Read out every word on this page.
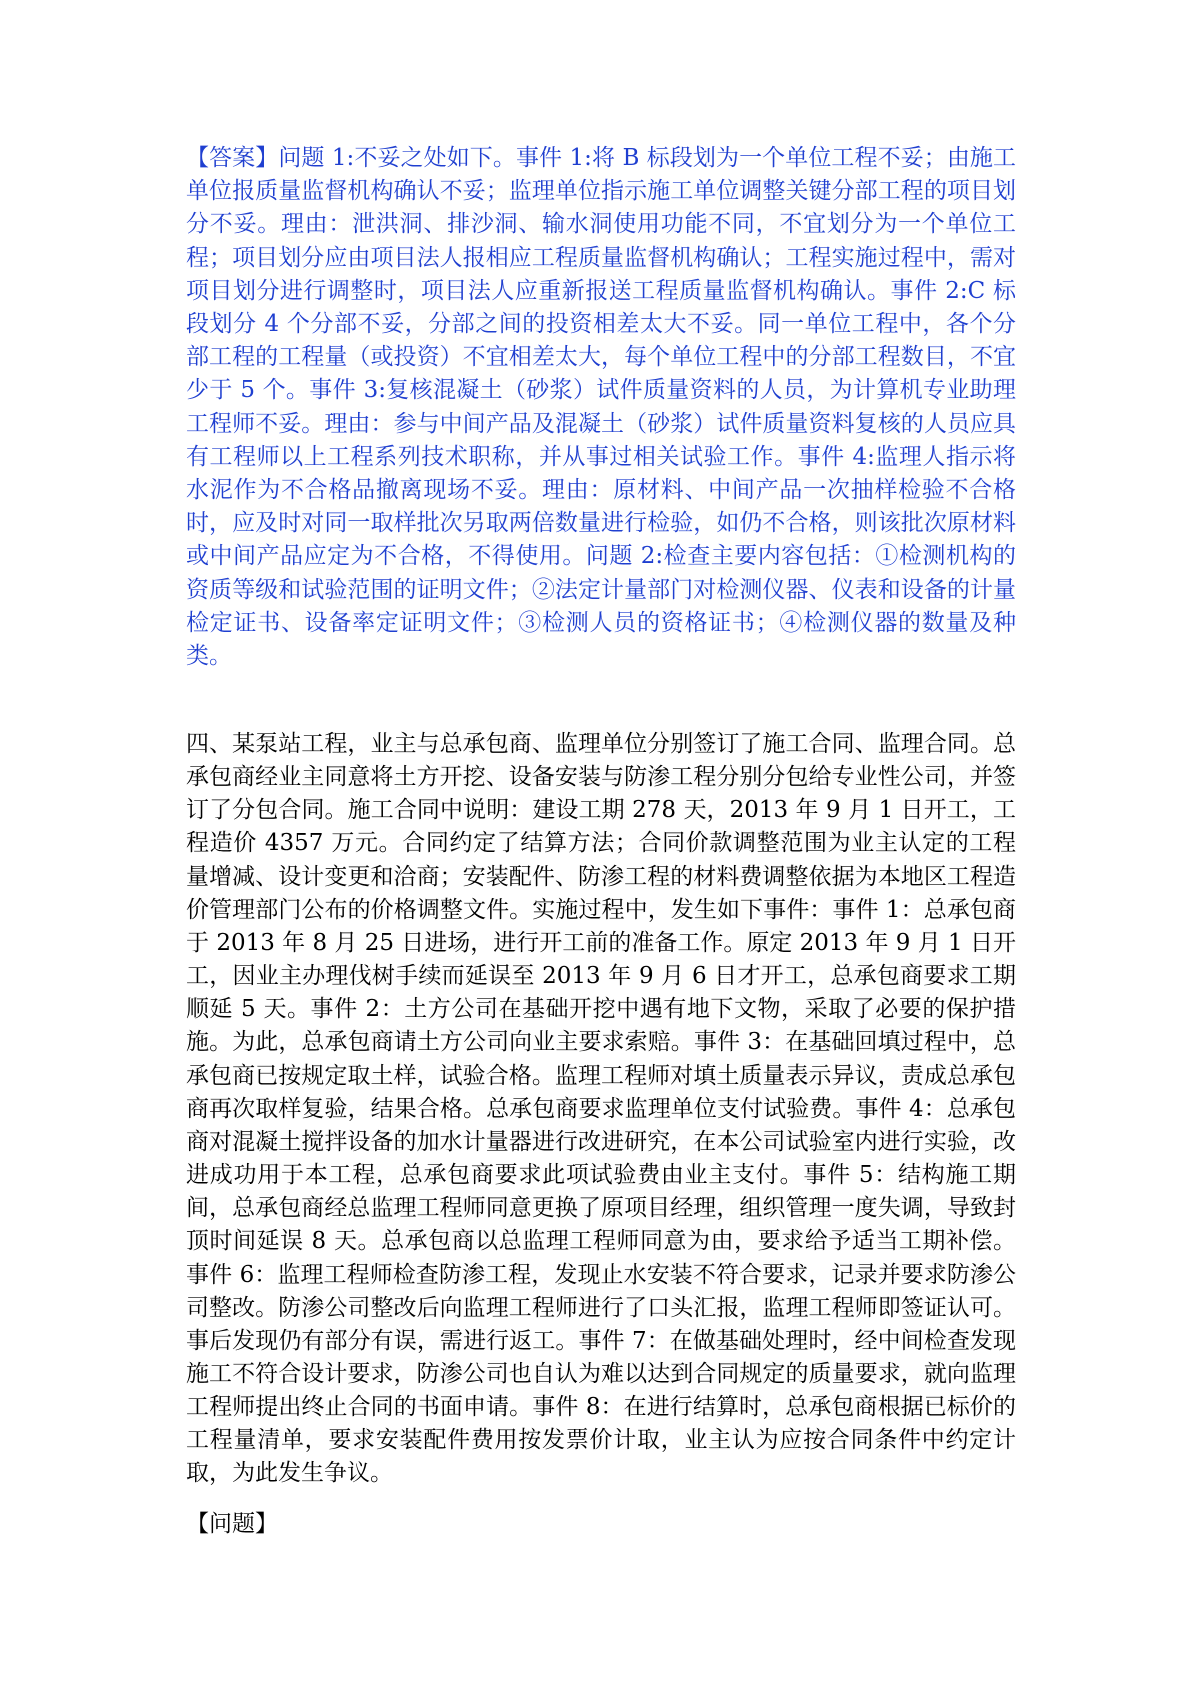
【答案】问题 1:不妥之处如下。事件 1:将 B 标段划为一个单位工程不妥；由施工单位报质量监督机构确认不妥；监理单位指示施工单位调整关键分部工程的项目划分不妥。理由：泄洪洞、排沙洞、输水洞使用功能不同，不宜划分为一个单位工程；项目划分应由项目法人报相应工程质量监督机构确认；工程实施过程中，需对项目划分进行调整时，项目法人应重新报送工程质量监督机构确认。事件 2:C 标段划分 4 个分部不妥，分部之间的投资相差太大不妥。同一单位工程中，各个分部工程的工程量（或投资）不宜相差太大，每个单位工程中的分部工程数目，不宜少于 5 个。事件 3:复核混凝土（砂浆）试件质量资料的人员，为计算机专业助理工程师不妥。理由：参与中间产品及混凝土（砂浆）试件质量资料复核的人员应具有工程师以上工程系列技术职称，并从事过相关试验工作。事件 4:监理人指示将水泥作为不合格品撤离现场不妥。理由：原材料、中间产品一次抽样检验不合格时，应及时对同一取样批次另取两倍数量进行检验，如仍不合格，则该批次原材料或中间产品应定为不合格，不得使用。问题 2:检查主要内容包括：①检测机构的资质等级和试验范围的证明文件；②法定计量部门对检测仪器、仪表和设备的计量检定证书、设备率定证明文件；③检测人员的资格证书；④检测仪器的数量及种类。

四、某泵站工程，业主与总承包商、监理单位分别签订了施工合同、监理合同。总承包商经业主同意将土方开挖、设备安装与防渗工程分别分包给专业性公司，并签订了分包合同。施工合同中说明：建设工期 278 天，2013 年 9 月 1 日开工，工程造价 4357 万元。合同约定了结算方法；合同价款调整范围为业主认定的工程量增减、设计变更和洽商；安装配件、防渗工程的材料费调整依据为本地区工程造价管理部门公布的价格调整文件。实施过程中，发生如下事件：事件 1：总承包商于 2013 年 8 月 25 日进场，进行开工前的准备工作。原定 2013 年 9 月 1 日开工，因业主办理伐树手续而延误至 2013 年 9 月 6 日才开工，总承包商要求工期顺延 5 天。事件 2：土方公司在基础开挖中遇有地下文物，采取了必要的保护措施。为此，总承包商请土方公司向业主要求索赔。事件 3：在基础回填过程中，总承包商已按规定取土样，试验合格。监理工程师对填土质量表示异议，责成总承包商再次取样复验，结果合格。总承包商要求监理单位支付试验费。事件 4：总承包商对混凝土搅拌设备的加水计量器进行改进研究，在本公司试验室内进行实验，改进成功用于本工程，总承包商要求此项试验费由业主支付。事件 5：结构施工期间，总承包商经总监理工程师同意更换了原项目经理，组织管理一度失调，导致封顶时间延误 8 天。总承包商以总监理工程师同意为由，要求给予适当工期补偿。事件 6：监理工程师检查防渗工程，发现止水安装不符合要求，记录并要求防渗公司整改。防渗公司整改后向监理工程师进行了口头汇报，监理工程师即签证认可。事后发现仍有部分有误，需进行返工。事件 7：在做基础处理时，经中间检查发现施工不符合设计要求，防渗公司也自认为难以达到合同规定的质量要求，就向监理工程师提出终止合同的书面申请。事件 8：在进行结算时，总承包商根据已标价的工程量清单，要求安装配件费用按发票价计取，业主认为应按合同条件中约定计取，为此发生争议。

【问题】
